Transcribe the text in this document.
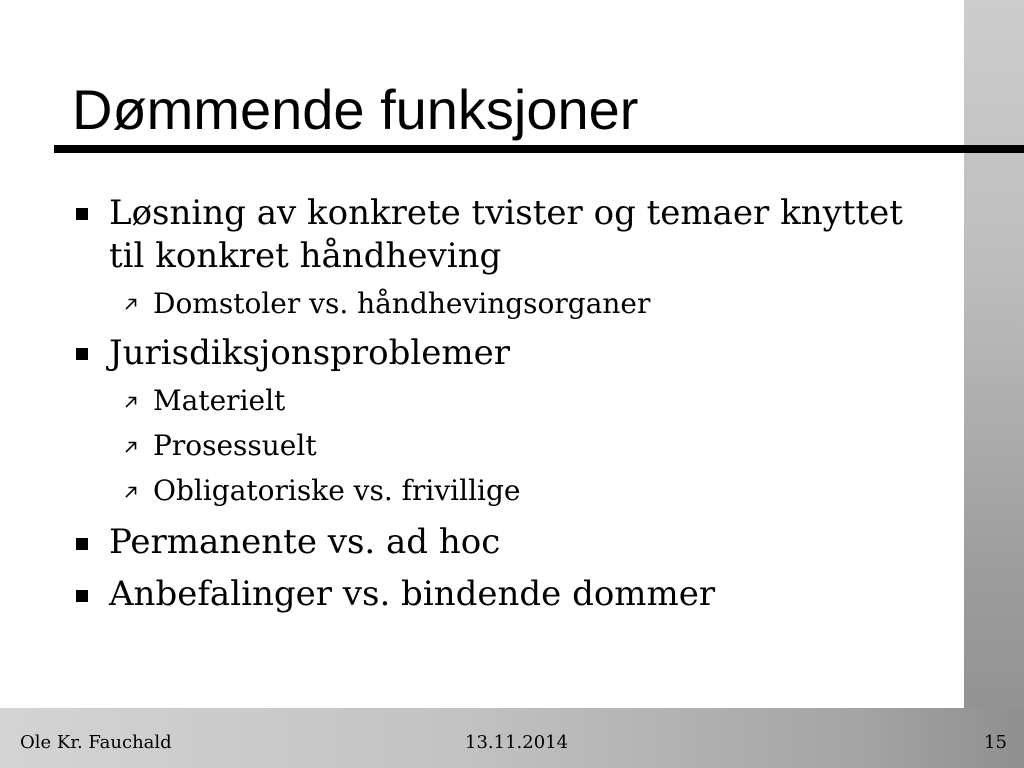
Dømmende funksjoner
Løsning av konkrete tvister og temaer knyttet
til konkret håndheving
Domstoler vs. håndhevingsorganer
Jurisdiksjonsproblemer
Materielt
Prosessuelt
Obligatoriske vs. frivillige
Permanente vs. ad hoc
Anbefalinger vs. bindende dommer
Ole Kr. Fauchald	13.11.2014	15
